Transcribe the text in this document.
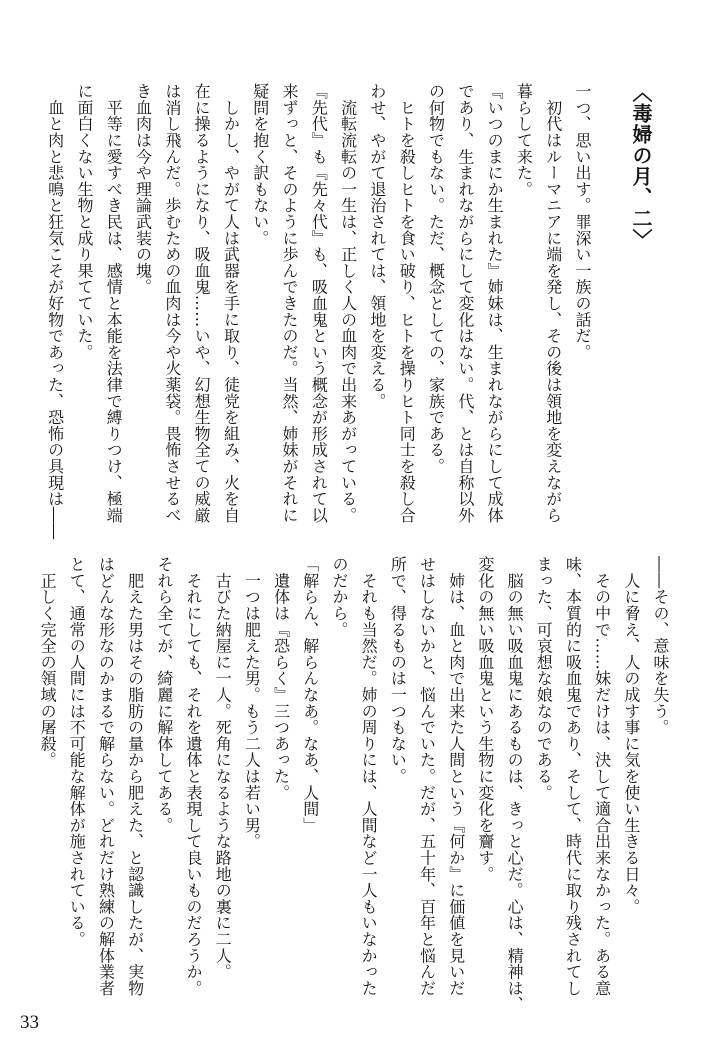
〈毒婦の月、二〉
一つ、思い出す。罪深い一族の話だ。
　初代はルーマニアに端を発し、その後は領地を変えながら
暮らして来た。
『いつのまにか生まれた』姉妹は、生まれながらにして成体
であり、生まれながらにして変化はない。代、とは自称以外
の何物でもない。ただ、概念としての、家族である。
　ヒトを殺しヒトを食い破り、ヒトを操りヒト同士を殺し合
わせ、やがて退治されては、領地を変える。
　流転流転の一生は、正しく人の血肉で出来あがっている。
『先代』も『先々代』も、吸血鬼という概念が形成されて以
来ずっと、そのように歩んできたのだ。当然、姉妹がそれに
疑問を抱く訳もない。
　しかし、やがて人は武器を手に取り、徒党を組み、火を自
在に操るようになり、吸血鬼……いや、幻想生物全ての威厳
は消し飛んだ。歩むための血肉は今や火薬袋。畏怖させるべ
き血肉は今や理論武装の塊。
　平等に愛すべき民は、感情と本能を法律で縛りつけ、極端
に面白くない生物と成り果てていた。
　血と肉と悲鳴と狂気こそが好物であった、恐怖の具現は――
――その、意味を失う。
　人に脅え、人の成す事に気を使い生きる日々。
　その中で……妹だけは、決して適合出来なかった。ある意
味、本質的に吸血鬼であり、そして、時代に取り残されてし
まった、可哀想な娘なのである。
　脳の無い吸血鬼にあるものは、きっと心だ。心は、精神は、
変化の無い吸血鬼という生物に変化を齎す。
　姉は、血と肉で出来た人間という『何か』に価値を見いだ
せはしないかと、悩んでいた。だが、五十年、百年と悩んだ
所で、得るものは一つもない。
　それも当然だ。姉の周りには、人間など一人もいなかった
のだから。
「解らん、解らんなあ。なあ、人間」
　遺体は『恐らく』三つあった。
　一つは肥えた男。もう二人は若い男。
　古びた納屋に一人。死角になるような路地の裏に二人。
　それにしても、それを遺体と表現して良いものだろうか。
それら全てが、綺麗に解体してある。
　肥えた男はその脂肪の量から肥えた、と認識したが、実物
はどんな形なのかまるで解らない。どれだけ熟練の解体業者
とて、通常の人間には不可能な解体が施されている。
　正しく完全の領域の屠殺。
33
